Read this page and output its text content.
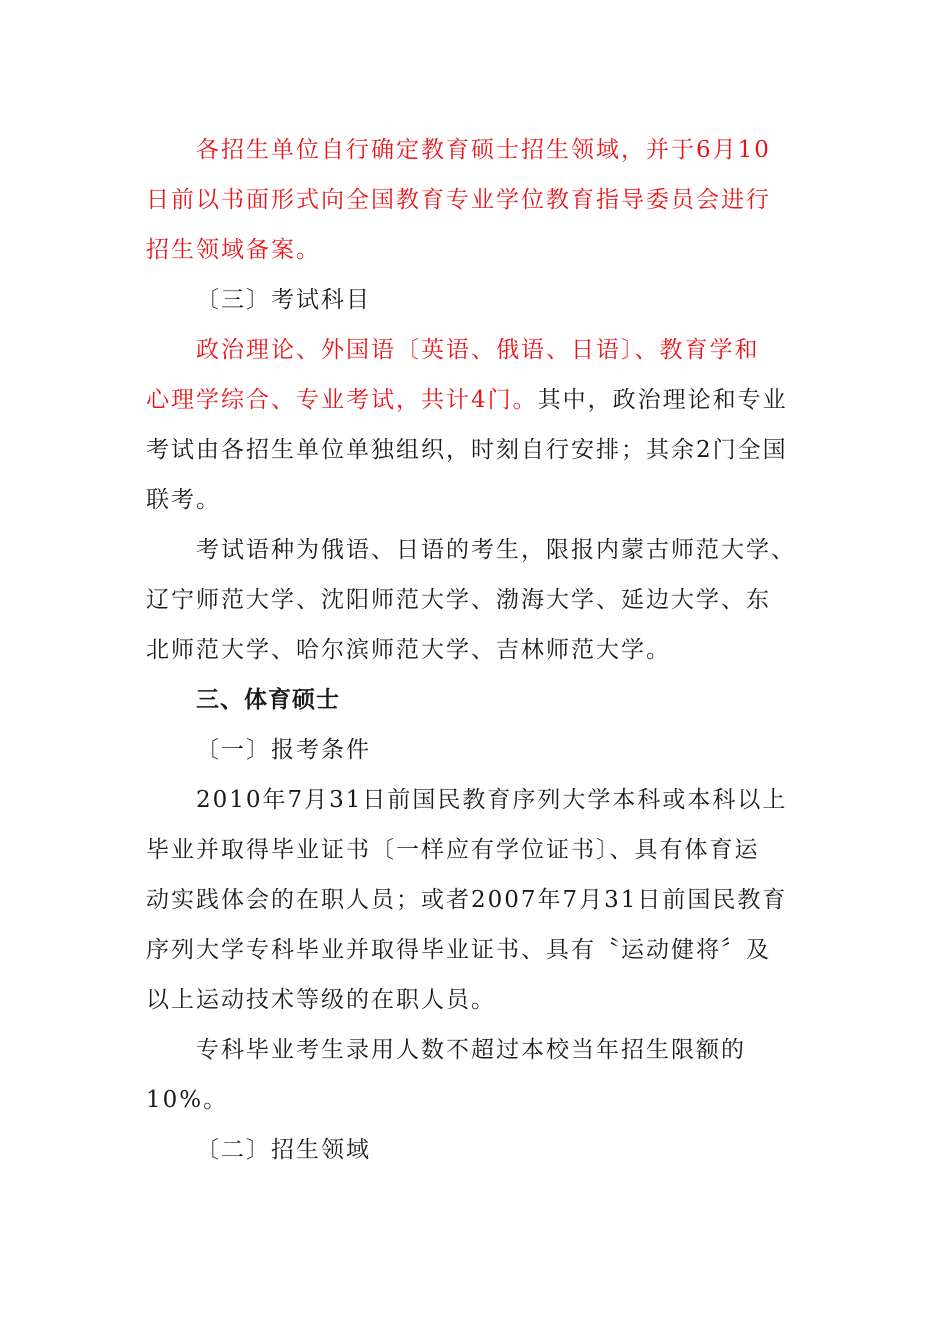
各招生单位自行确定教育硕士招生领域，并于6月10
日前以书面形式向全国教育专业学位教育指导委员会进行
招生领域备案。
〔三〕考试科目
政治理论、外国语〔英语、俄语、日语〕、教育学和
心理学综合、专业考试，共计4门。其中，政治理论和专业
考试由各招生单位单独组织，时刻自行安排；其余2门全国
联考。
考试语种为俄语、日语的考生，限报内蒙古师范大学、
辽宁师范大学、沈阳师范大学、渤海大学、延边大学、东
北师范大学、哈尔滨师范大学、吉林师范大学。
三、体育硕士
〔一〕报考条件
2010年7月31日前国民教育序列大学本科或本科以上
毕业并取得毕业证书〔一样应有学位证书〕、具有体育运
动实践体会的在职人员；或者2007年7月31日前国民教育
序列大学专科毕业并取得毕业证书、具有〝运动健将〞及
以上运动技术等级的在职人员。
专科毕业考生录用人数不超过本校当年招生限额的
10%。
〔二〕招生领域
